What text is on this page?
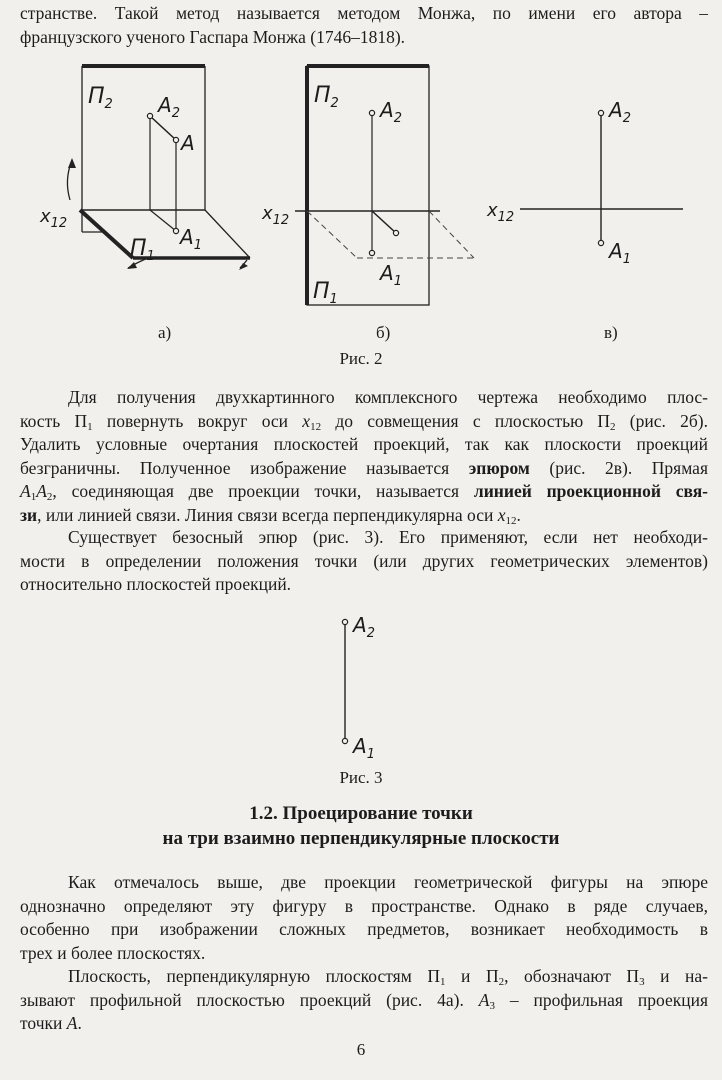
странстве. Такой метод называется методом Монжа, по имени его автора –
французского ученого Гаспара Монжа (1746–1818).

$П_2$ $A_2$
A
$A_1$
$П_1$
$x_{12}$
$П_2$ $A_2$
$A_1$
$П_1$
$x_{12}$
$A_2$
$A_1$
$x_{12}$
а)	б)	в)
Рис. 2

Для получения двухкартинного комплексного чертежа необходимо плос-
кость $П_1$ повернуть вокруг оси $x_{12}$ до совмещения с плоскостью $П_2$ (рис. 2б).
Удалить условные очертания плоскостей проекций, так как плоскости проекций
безграничны. Полученное изображение называется эпюром (рис. 2в). Прямая
$A_1A_2$, соединяющая две проекции точки, называется линией проекционной свя-
зи, или линией связи. Линия связи всегда перпендикулярна оси $x_{12}$.

Существует безосный эпюр (рис. 3). Его применяют, если нет необходи-
мости в определении положения точки (или других геометрических элементов)
относительно плоскостей проекций.

$A_2$
$A_1$
Рис. 3
1.2. Проецирование точки
на три взаимно перпендикулярные плоскости

Как отмечалось выше, две проекции геометрической фигуры на эпюре
однозначно определяют эту фигуру в пространстве. Однако в ряде случаев,
особенно при изображении сложных предметов, возникает необходимость в
трех и более плоскостях.

Плоскость, перпендикулярную плоскостям $П_1$ и $П_2$, обозначают $П_3$ и на-
зывают профильной плоскостью проекций (рис. 4а). $A_3$ – профильная проекция
точки A.

6
